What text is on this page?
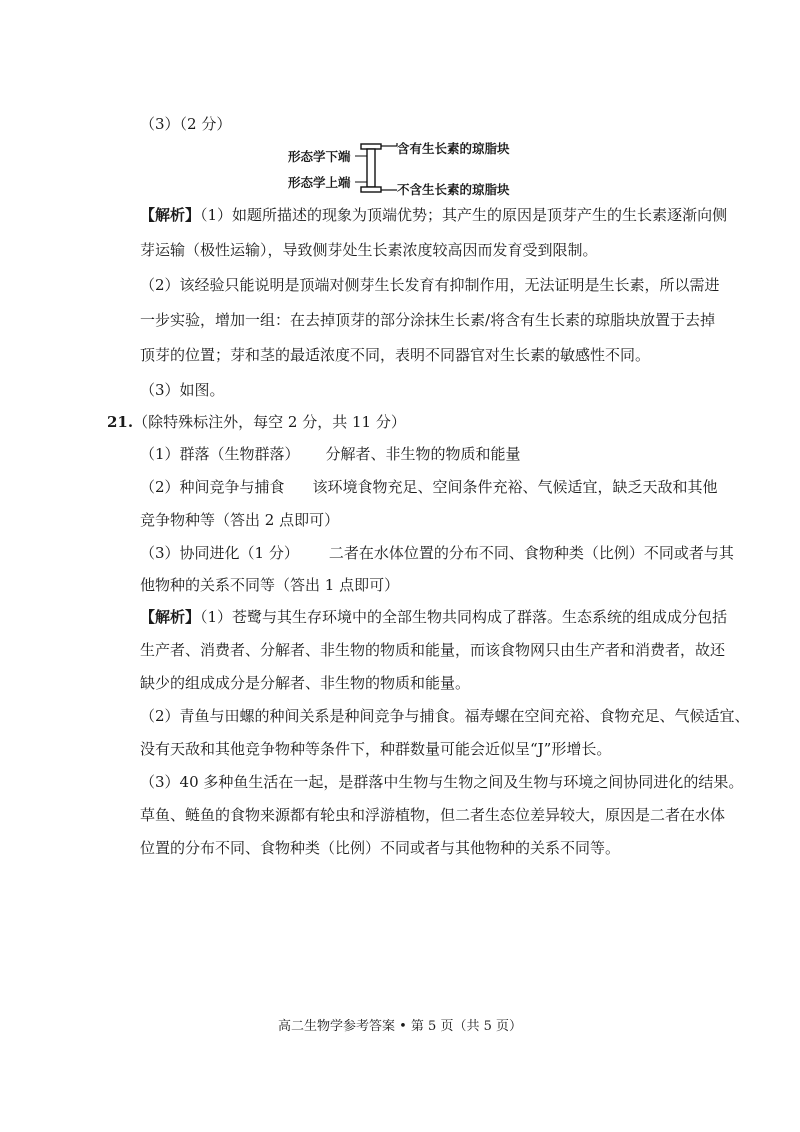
（3）（2 分）
形态学下端
形态学上端
含有生长素的琼脂块
不含生长素的琼脂块
【解析】（1）如题所描述的现象为顶端优势；其产生的原因是顶芽产生的生长素逐渐向侧
芽运输（极性运输），导致侧芽处生长素浓度较高因而发育受到限制。
（2）该经验只能说明是顶端对侧芽生长发育有抑制作用，无法证明是生长素，所以需进
一步实验，增加一组：在去掉顶芽的部分涂抹生长素/将含有生长素的琼脂块放置于去掉
顶芽的位置；芽和茎的最适浓度不同，表明不同器官对生长素的敏感性不同。
（3）如图。
21.（除特殊标注外，每空 2 分，共 11 分）
（1）群落（生物群落） 分解者、非生物的物质和能量
（2）种间竞争与捕食 该环境食物充足、空间条件充裕、气候适宜，缺乏天敌和其他
竞争物种等（答出 2 点即可）
（3）协同进化（1 分） 二者在水体位置的分布不同、食物种类（比例）不同或者与其
他物种的关系不同等（答出 1 点即可）
【解析】（1）苍鹭与其生存环境中的全部生物共同构成了群落。生态系统的组成成分包括
生产者、消费者、分解者、非生物的物质和能量，而该食物网只由生产者和消费者，故还
缺少的组成成分是分解者、非生物的物质和能量。
（2）青鱼与田螺的种间关系是种间竞争与捕食。福寿螺在空间充裕、食物充足、气候适宜、
没有天敌和其他竞争物种等条件下，种群数量可能会近似呈“J”形增长。
（3）40 多种鱼生活在一起，是群落中生物与生物之间及生物与环境之间协同进化的结果。
草鱼、鲢鱼的食物来源都有轮虫和浮游植物，但二者生态位差异较大，原因是二者在水体
位置的分布不同、食物种类（比例）不同或者与其他物种的关系不同等。
高二生物学参考答案 • 第 5 页（共 5 页）
